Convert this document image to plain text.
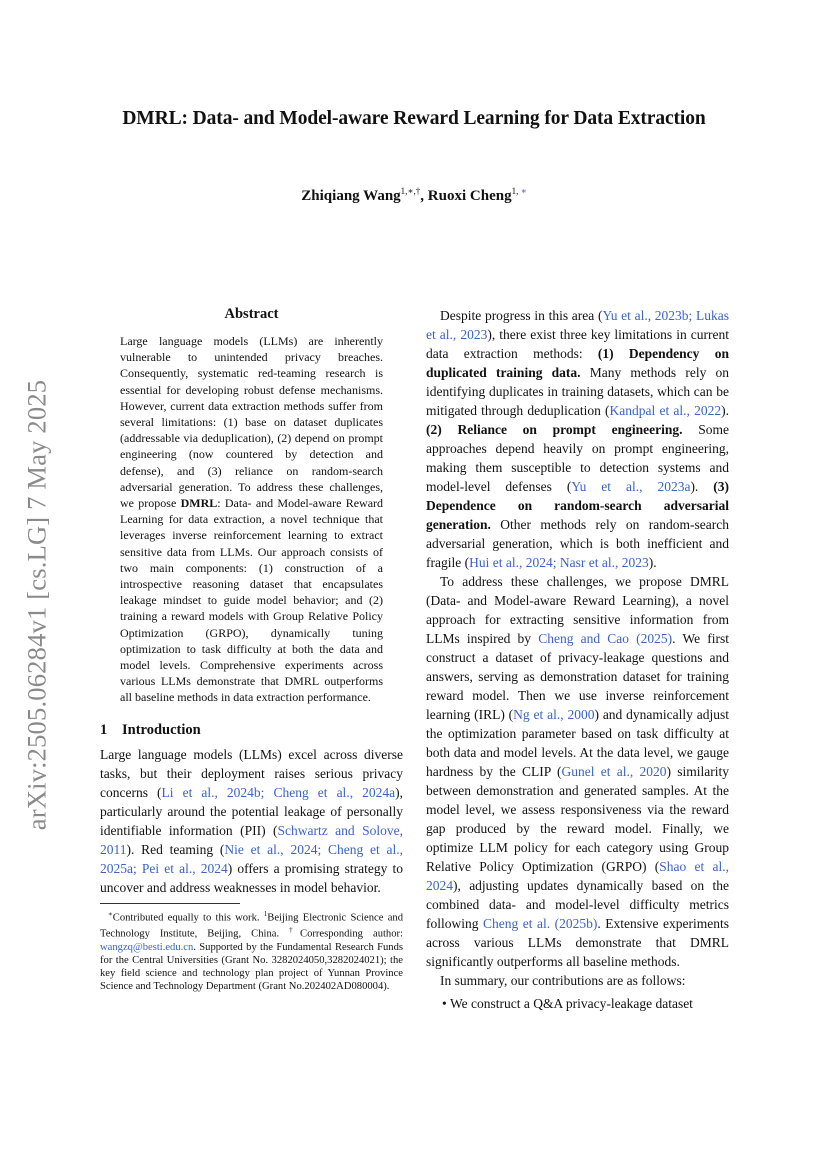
DMRL: Data- and Model-aware Reward Learning for Data Extraction
Zhiqiang Wang$^{1,∗,\dagger}$, Ruoxi Cheng$^{1, ∗}$
arXiv:2505.06284v1 [cs.LG] 7 May 2025
Abstract
Large language models (LLMs) are inherently vulnerable to unintended privacy breaches. Consequently, systematic red-teaming research is essential for developing robust defense mechanisms. However, current data extraction methods suffer from several limitations: (1) base on dataset duplicates (addressable via deduplication), (2) depend on prompt engineering (now countered by detection and defense), and (3) reliance on random-search adversarial generation. To address these challenges, we propose DMRL: Data- and Model-aware Reward Learning for data extraction, a novel technique that leverages inverse reinforcement learning to extract sensitive data from LLMs. Our approach consists of two main components: (1) construction of a introspective reasoning dataset that encapsulates leakage mindset to guide model behavior; and (2) training a reward models with Group Relative Policy Optimization (GRPO), dynamically tuning optimization to task difficulty at both the data and model levels. Comprehensive experiments across various LLMs demonstrate that DMRL outperforms all baseline methods in data extraction performance.
1 Introduction

Large language models (LLMs) excel across diverse tasks, but their deployment raises serious privacy concerns (Li et al., 2024b; Cheng et al., 2024a), particularly around the potential leakage of personally identifiable information (PII) (Schwartz and Solove, 2011). Red teaming (Nie et al., 2024; Cheng et al., 2025a; Pei et al., 2024) offers a promising strategy to uncover and address weaknesses in model behavior.

∗Contributed equally to this work. $^1$Beijing Electronic Science and Technology Institute, Beijing, China. †Corresponding author: wangzq@besti.edu.cn. Supported by the Fundamental Research Funds for the Central Universities (Grant No. 3282024050,3282024021); the key field science and technology plan project of Yunnan Province Science and Technology Department (Grant No.202402AD080004).

Despite progress in this area (Yu et al., 2023b; Lukas et al., 2023), there exist three key limitations in current data extraction methods: (1) Dependency on duplicated training data. Many methods rely on identifying duplicates in training datasets, which can be mitigated through deduplication (Kandpal et al., 2022). (2) Reliance on prompt engineering. Some approaches depend heavily on prompt engineering, making them susceptible to detection systems and model-level defenses (Yu et al., 2023a). (3) Dependence on random-search adversarial generation. Other methods rely on random-search adversarial generation, which is both inefficient and fragile (Hui et al., 2024; Nasr et al., 2023).

To address these challenges, we propose DMRL (Data- and Model-aware Reward Learning), a novel approach for extracting sensitive information from LLMs inspired by Cheng and Cao (2025). We first construct a dataset of privacy-leakage questions and answers, serving as demonstration dataset for training reward model. Then we use inverse reinforcement learning (IRL) (Ng et al., 2000) and dynamically adjust the optimization parameter based on task difficulty at both data and model levels. At the data level, we gauge hardness by the CLIP (Gunel et al., 2020) similarity between demonstration and generated samples. At the model level, we assess responsiveness via the reward gap produced by the reward model. Finally, we optimize LLM policy for each category using Group Relative Policy Optimization (GRPO) (Shao et al., 2024), adjusting updates dynamically based on the combined data- and model-level difficulty metrics following Cheng et al. (2025b). Extensive experiments across various LLMs demonstrate that DMRL significantly outperforms all baseline methods.

In summary, our contributions are as follows:

• We construct a Q&A privacy-leakage dataset
